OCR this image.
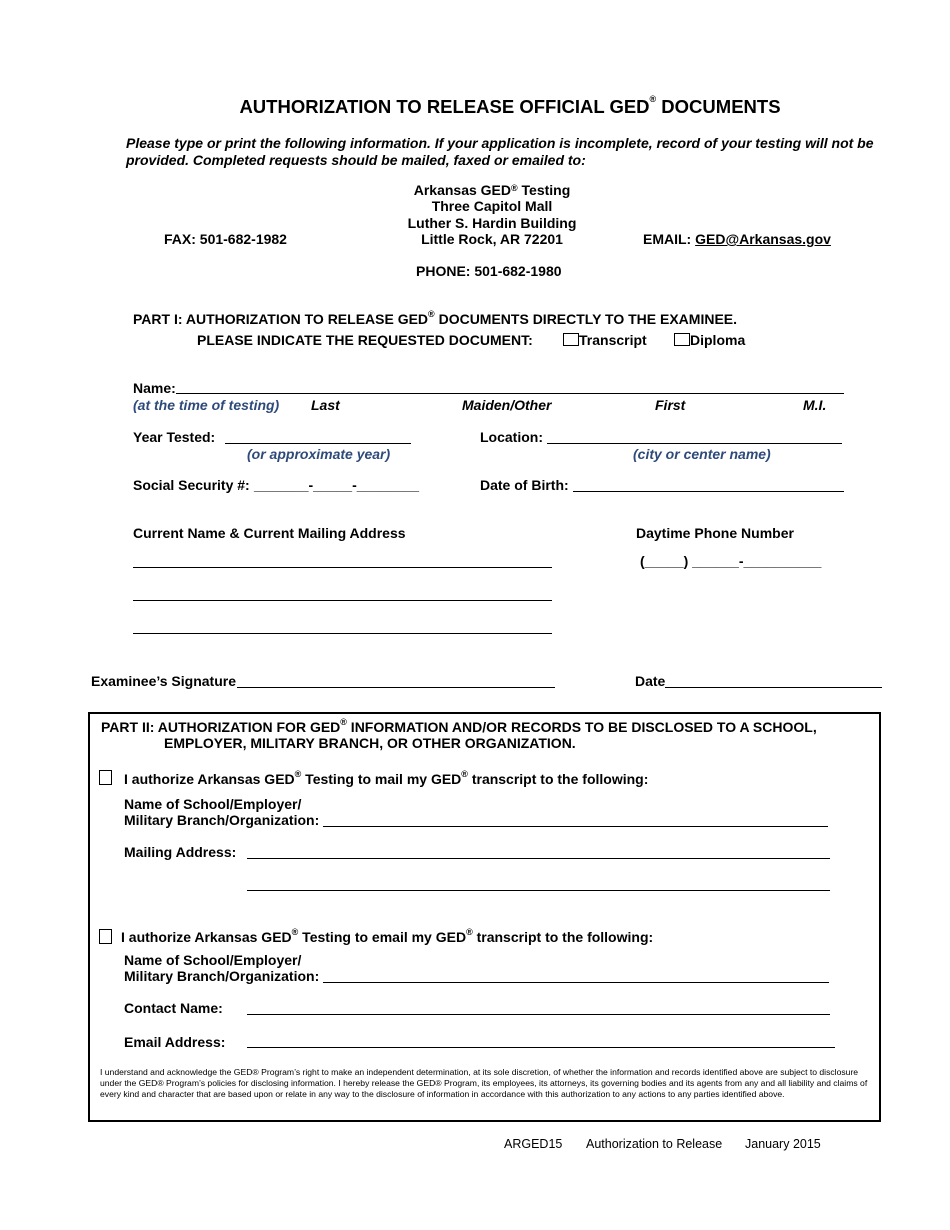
AUTHORIZATION TO RELEASE OFFICIAL GED® DOCUMENTS
Please type or print the following information. If your application is incomplete, record of your testing will not be provided. Completed requests should be mailed, faxed or emailed to:
Arkansas GED® Testing
Three Capitol Mall
Luther S. Hardin Building
Little Rock, AR 72201
FAX: 501-682-1982	EMAIL: GED@Arkansas.gov
PHONE: 501-682-1980
PART I: AUTHORIZATION TO RELEASE GED® DOCUMENTS DIRECTLY TO THE EXAMINEE.
PLEASE INDICATE THE REQUESTED DOCUMENT:	Transcript	Diploma
Name:
(at the time of testing) Last	Maiden/Other	First	M.I.
Year Tested:
(or approximate year)
Location:
(city or center name)
Social Security #: _______-_____-________	Date of Birth:
Current Name & Current Mailing Address	Daytime Phone Number
(_____) ______-__________
Examinee’s Signature	Date
PART II: AUTHORIZATION FOR GED® INFORMATION AND/OR RECORDS TO BE DISCLOSED TO A SCHOOL,
EMPLOYER, MILITARY BRANCH, OR OTHER ORGANIZATION.
I authorize Arkansas GED® Testing to mail my GED® transcript to the following:
Name of School/Employer/
Military Branch/Organization:
Mailing Address:
I authorize Arkansas GED® Testing to email my GED® transcript to the following:
Name of School/Employer/
Military Branch/Organization:
Contact Name:
Email Address:
I understand and acknowledge the GED® Program’s right to make an independent determination, at its sole discretion, of whether the information and records identified above are subject to disclosure under the GED® Program’s policies for disclosing information. I hereby release the GED® Program, its employees, its attorneys, its governing bodies and its agents from any and all liability and claims of every kind and character that are based upon or relate in any way to the disclosure of information in accordance with this authorization to any actions to any parties identified above.
ARGED15 Authorization to Release January 2015
